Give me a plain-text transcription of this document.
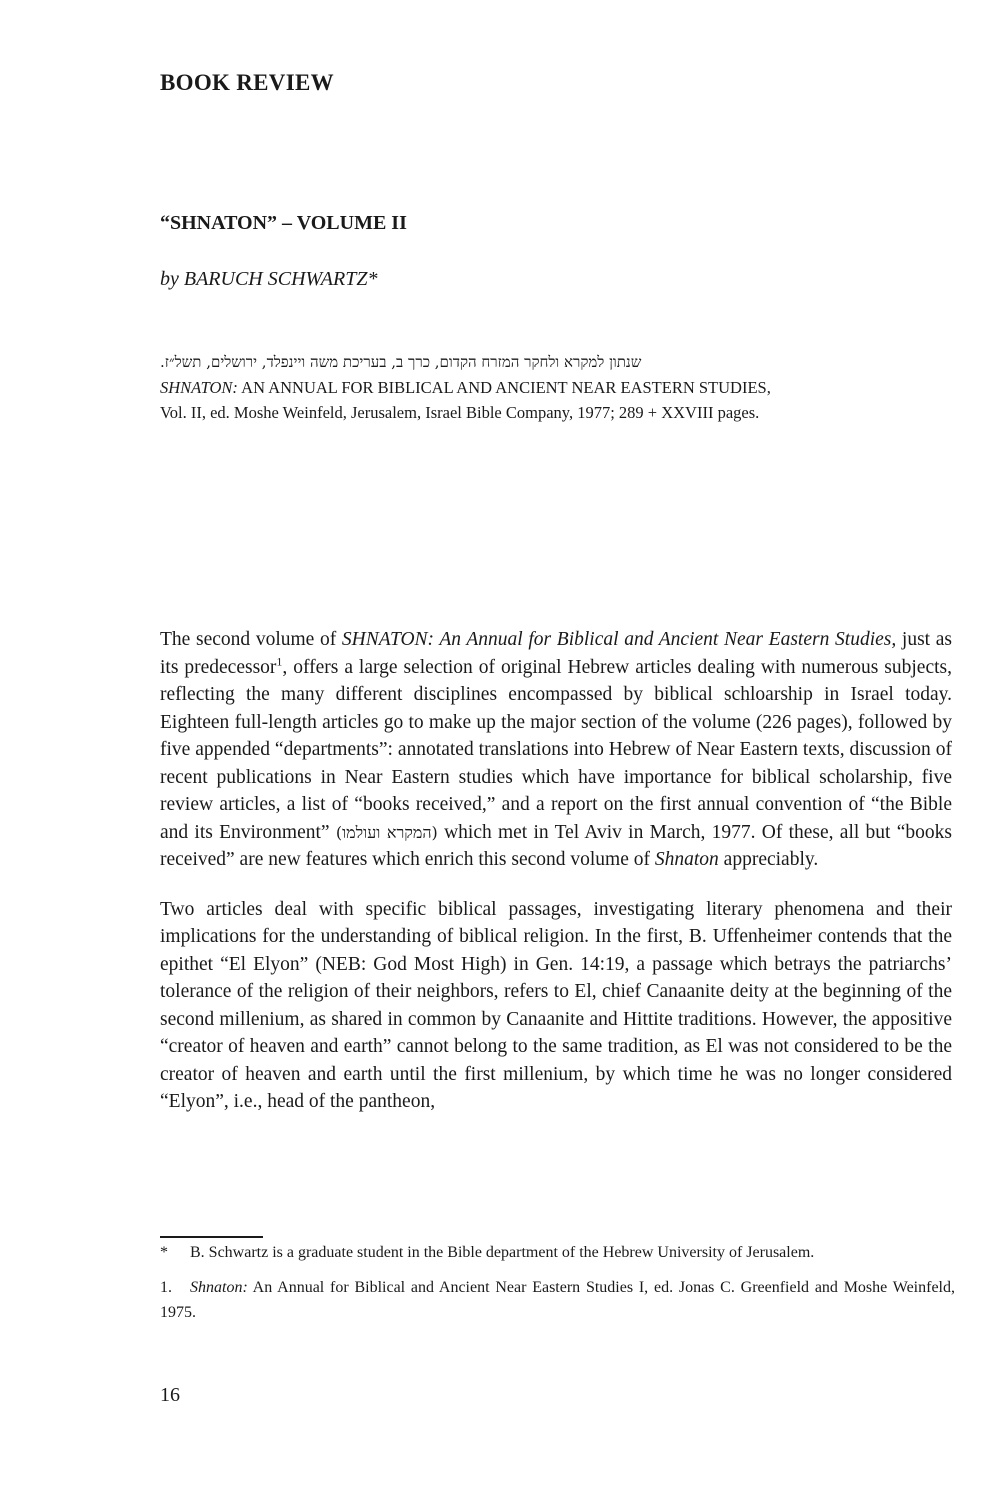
BOOK REVIEW
“SHNATON” – VOLUME II

by BARUCH SCHWARTZ*

שנתון למקרא ולחקר המזרח הקדום, כרך ב, בעריכת משה ויינפלד, ירושלים, תשל״ז.
SHNATON: AN ANNUAL FOR BIBLICAL AND ANCIENT NEAR EASTERN STUDIES,
Vol. II, ed. Moshe Weinfeld, Jerusalem, Israel Bible Company, 1977; 289 + XXVIII pages.

The second volume of SHNATON: An Annual for Biblical and Ancient Near Eastern Studies, just as its predecessor$^1$, offers a large selection of original Hebrew articles dealing with numerous subjects, reflecting the many different disciplines encompassed by biblical schloarship in Israel today. Eighteen full-length articles go to make up the major section of the volume (226 pages), followed by five appended “departments”: annotated translations into Hebrew of Near Eastern texts, discussion of recent publications in Near Eastern studies which have importance for biblical scholarship, five review articles, a list of “books received,” and a report on the first annual convention of “the Bible and its Environment” (המקרא ועולמו) which met in Tel Aviv in March, 1977. Of these, all but “books received” are new features which enrich this second volume of Shnaton appreciably.

Two articles deal with specific biblical passages, investigating literary phenomena and their implications for the understanding of biblical religion. In the first, B. Uffenheimer contends that the epithet “El Elyon” (NEB: God Most High) in Gen. 14:19, a passage which betrays the patriarchs’ tolerance of the religion of their neighbors, refers to El, chief Canaanite deity at the beginning of the second millenium, as shared in common by Canaanite and Hittite traditions. However, the appositive “creator of heaven and earth” cannot belong to the same tradition, as El was not considered to be the creator of heaven and earth until the first millenium, by which time he was no longer considered “Elyon”, i.e., head of the pantheon,

* B. Schwartz is a graduate student in the Bible department of the Hebrew University of Jerusalem.

1. Shnaton: An Annual for Biblical and Ancient Near Eastern Studies I, ed. Jonas C. Greenfield and Moshe Weinfeld, 1975.

16
